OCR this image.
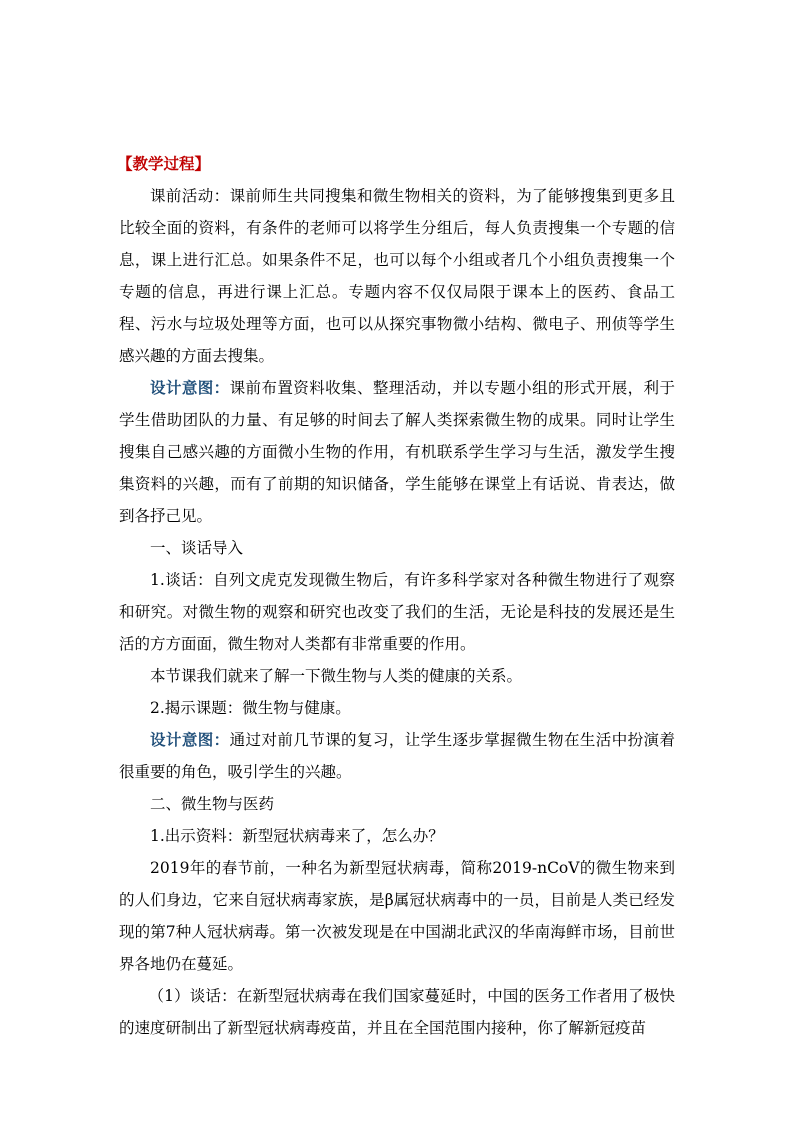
【教学过程】

课前活动：课前师生共同搜集和微生物相关的资料，为了能够搜集到更多且比较全面的资料，有条件的老师可以将学生分组后，每人负责搜集一个专题的信息，课上进行汇总。如果条件不足，也可以每个小组或者几个小组负责搜集一个专题的信息，再进行课上汇总。专题内容不仅仅局限于课本上的医药、食品工程、污水与垃圾处理等方面，也可以从探究事物微小结构、微电子、刑侦等学生感兴趣的方面去搜集。

设计意图：课前布置资料收集、整理活动，并以专题小组的形式开展，利于学生借助团队的力量、有足够的时间去了解人类探索微生物的成果。同时让学生搜集自己感兴趣的方面微小生物的作用，有机联系学生学习与生活，激发学生搜集资料的兴趣，而有了前期的知识储备，学生能够在课堂上有话说、肯表达，做到各抒己见。

一、谈话导入

1.谈话：自列文虎克发现微生物后，有许多科学家对各种微生物进行了观察和研究。对微生物的观察和研究也改变了我们的生活，无论是科技的发展还是生活的方方面面，微生物对人类都有非常重要的作用。

本节课我们就来了解一下微生物与人类的健康的关系。

2.揭示课题：微生物与健康。

设计意图：通过对前几节课的复习，让学生逐步掌握微生物在生活中扮演着很重要的角色，吸引学生的兴趣。

二、微生物与医药

1.出示资料：新型冠状病毒来了，怎么办？

2019年的春节前，一种名为新型冠状病毒，简称2019-nCoV的微生物来到的人们身边，它来自冠状病毒家族，是β属冠状病毒中的一员，目前是人类已经发现的第7种人冠状病毒。第一次被发现是在中国湖北武汉的华南海鲜市场，目前世界各地仍在蔓延。

（1）谈话：在新型冠状病毒在我们国家蔓延时，中国的医务工作者用了极快的速度研制出了新型冠状病毒疫苗，并且在全国范围内接种，你了解新冠疫苗
